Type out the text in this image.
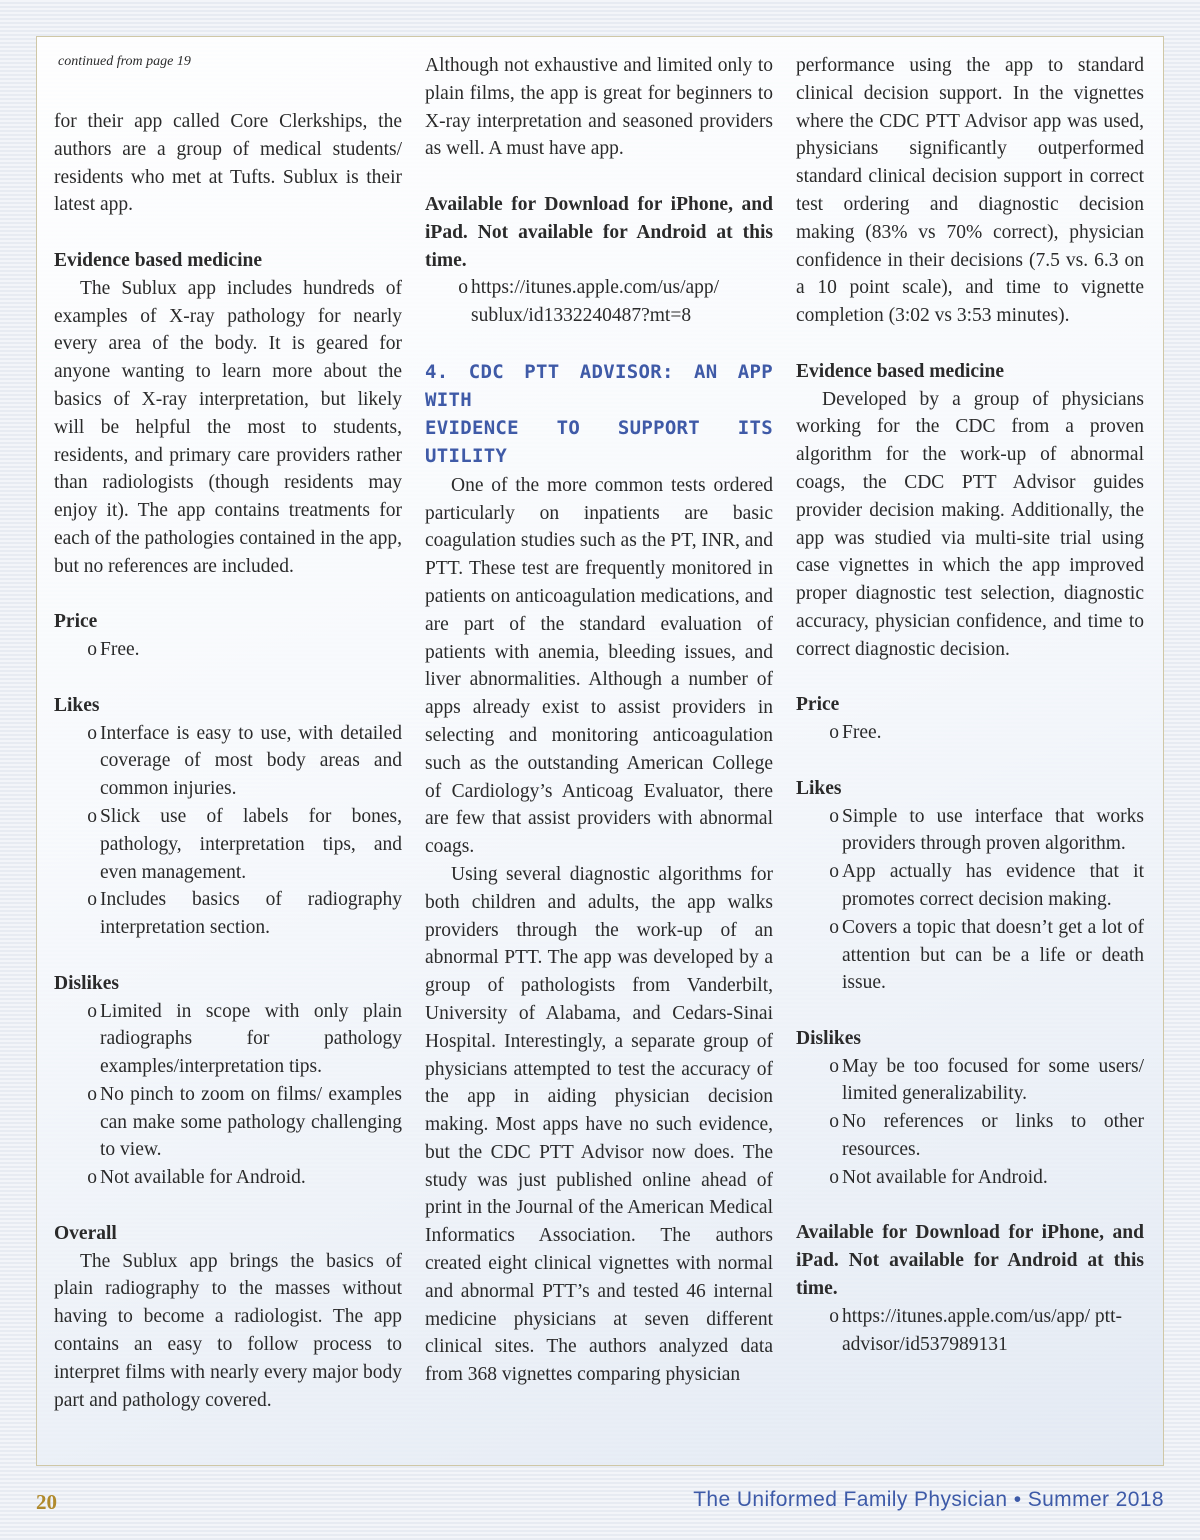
continued from page 19

for their app called Core Clerkships, the authors are a group of medical students/ residents who met at Tufts. Sublux is their latest app.

Evidence based medicine

The Sublux app includes hundreds of examples of X-ray pathology for nearly every area of the body. It is geared for anyone wanting to learn more about the basics of X-ray interpretation, but likely will be helpful the most to students, residents, and primary care providers rather than radiologists (though residents may enjoy it). The app contains treatments for each of the pathologies contained in the app, but no references are included.

Price

o Free.

Likes

o Interface is easy to use, with detailed coverage of most body areas and common injuries.
o Slick use of labels for bones, pathology, interpretation tips, and even management.
o Includes basics of radiography interpretation section.

Dislikes

o Limited in scope with only plain radiographs for pathology examples/interpretation tips.
o No pinch to zoom on films/ examples can make some pathology challenging to view.
o Not available for Android.

Overall

The Sublux app brings the basics of plain radiography to the masses without having to become a radiologist. The app contains an easy to follow process to interpret films with nearly every major body part and pathology covered.

Although not exhaustive and limited only to plain films, the app is great for beginners to X-ray interpretation and seasoned providers as well. A must have app.

Available for Download for iPhone, and iPad. Not available for Android at this time.

o https://itunes.apple.com/us/app/ sublux/id1332240487?mt=8

4. CDC PTT ADVISOR: AN APP WITH

EVIDENCE TO SUPPORT ITS UTILITY

One of the more common tests ordered particularly on inpatients are basic coagulation studies such as the PT, INR, and PTT. These test are frequently monitored in patients on anticoagulation medications, and are part of the standard evaluation of patients with anemia, bleeding issues, and liver abnormalities. Although a number of apps already exist to assist providers in selecting and monitoring anticoagulation such as the outstanding American College of Cardiology’s Anticoag Evaluator, there are few that assist providers with abnormal coags.

Using several diagnostic algorithms for both children and adults, the app walks providers through the work-up of an abnormal PTT. The app was developed by a group of pathologists from Vanderbilt, University of Alabama, and Cedars-Sinai Hospital. Interestingly, a separate group of physicians attempted to test the accuracy of the app in aiding physician decision making. Most apps have no such evidence, but the CDC PTT Advisor now does. The study was just published online ahead of print in the Journal of the American Medical Informatics Association. The authors created eight clinical vignettes with normal and abnormal PTT’s and tested 46 internal medicine physicians at seven different clinical sites. The authors analyzed data from 368 vignettes comparing physician

performance using the app to standard clinical decision support. In the vignettes where the CDC PTT Advisor app was used, physicians significantly outperformed standard clinical decision support in correct test ordering and diagnostic decision making (83% vs 70% correct), physician confidence in their decisions (7.5 vs. 6.3 on a 10 point scale), and time to vignette completion (3:02 vs 3:53 minutes).

Evidence based medicine

Developed by a group of physicians working for the CDC from a proven algorithm for the work-up of abnormal coags, the CDC PTT Advisor guides provider decision making. Additionally, the app was studied via multi-site trial using case vignettes in which the app improved proper diagnostic test selection, diagnostic accuracy, physician confidence, and time to correct diagnostic decision.

Price

o Free.

Likes

o Simple to use interface that works providers through proven algorithm.
o App actually has evidence that it promotes correct decision making.
o Covers a topic that doesn’t get a lot of attention but can be a life or death issue.

Dislikes

o May be too focused for some users/ limited generalizability.
o No references or links to other resources.
o Not available for Android.

Available for Download for iPhone, and iPad. Not available for Android at this time.

o https://itunes.apple.com/us/app/ ptt-advisor/id537989131
20	The Uniformed Family Physician • Summer 2018
